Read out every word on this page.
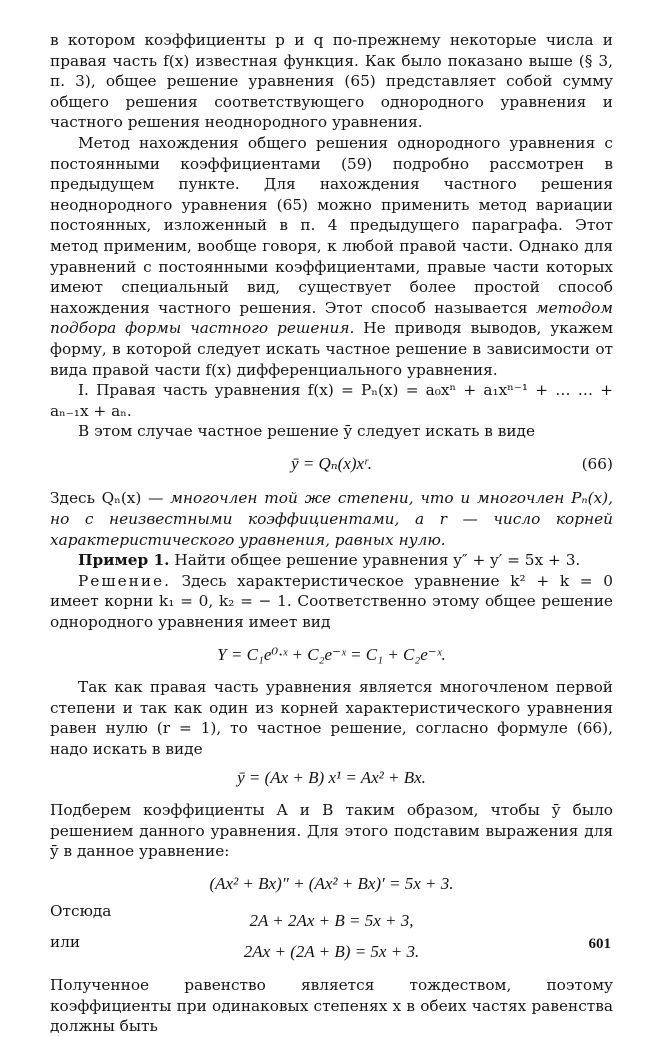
в котором коэффициенты p и q по-прежнему некоторые числа и правая часть f(x) известная функция. Как было показано выше (§ 3, п. 3), общее решение уравнения (65) представляет собой сумму общего решения соответствующего однородного уравнения и частного решения неоднородного уравнения.

Метод нахождения общего решения однородного уравнения с постоянными коэффициентами (59) подробно рассмотрен в предыдущем пункте. Для нахождения частного решения неоднородного уравнения (65) можно применить метод вариации постоянных, изложенный в п. 4 предыдущего параграфа. Этот метод применим, вообще говоря, к любой правой части. Однако для уравнений с постоянными коэффициентами, правые части которых имеют специальный вид, существует более простой способ нахождения частного решения. Этот способ называется методом подбора формы частного решения. Не приводя выводов, укажем форму, в которой следует искать частное решение в зависимости от вида правой части f(x) дифференциального уравнения.

I. Правая часть уравнения f(x) = Pₙ(x) = a₀xⁿ + a₁xⁿ⁻¹ + … … + aₙ₋₁x + aₙ.

В этом случае частное решение ȳ следует искать в виде

ȳ = Qₙ(x)xʳ.	(66)

Здесь Qₙ(x) — многочлен той же степени, что и многочлен Pₙ(x), но с неизвестными коэффициентами, а r — число корней характеристического уравнения, равных нулю.

Пример 1. Найти общее решение уравнения y″ + y′ = 5x + 3.

Решение. Здесь характеристическое уравнение k² + k = 0 имеет корни k₁ = 0, k₂ = − 1. Соответственно этому общее решение однородного уравнения имеет вид

Y = C₁e⁰·ˣ + C₂e⁻ˣ = C₁ + C₂e⁻ˣ.

Так как правая часть уравнения является многочленом первой степени и так как один из корней характеристического уравнения равен нулю (r = 1), то частное решение, согласно формуле (66), надо искать в виде

ȳ = (Ax + B) x¹ = Ax² + Bx.

Подберем коэффициенты A и B таким образом, чтобы ȳ было решением данного уравнения. Для этого подставим выражения для ȳ в данное уравнение:

(Ax² + Bx)″ + (Ax² + Bx)′ = 5x + 3.

Отсюда

2A + 2Ax + B = 5x + 3,

или

2Ax + (2A + B) = 5x + 3.

Полученное равенство является тождеством, поэтому коэффициенты при одинаковых степенях x в обеих частях равенства должны быть

601
